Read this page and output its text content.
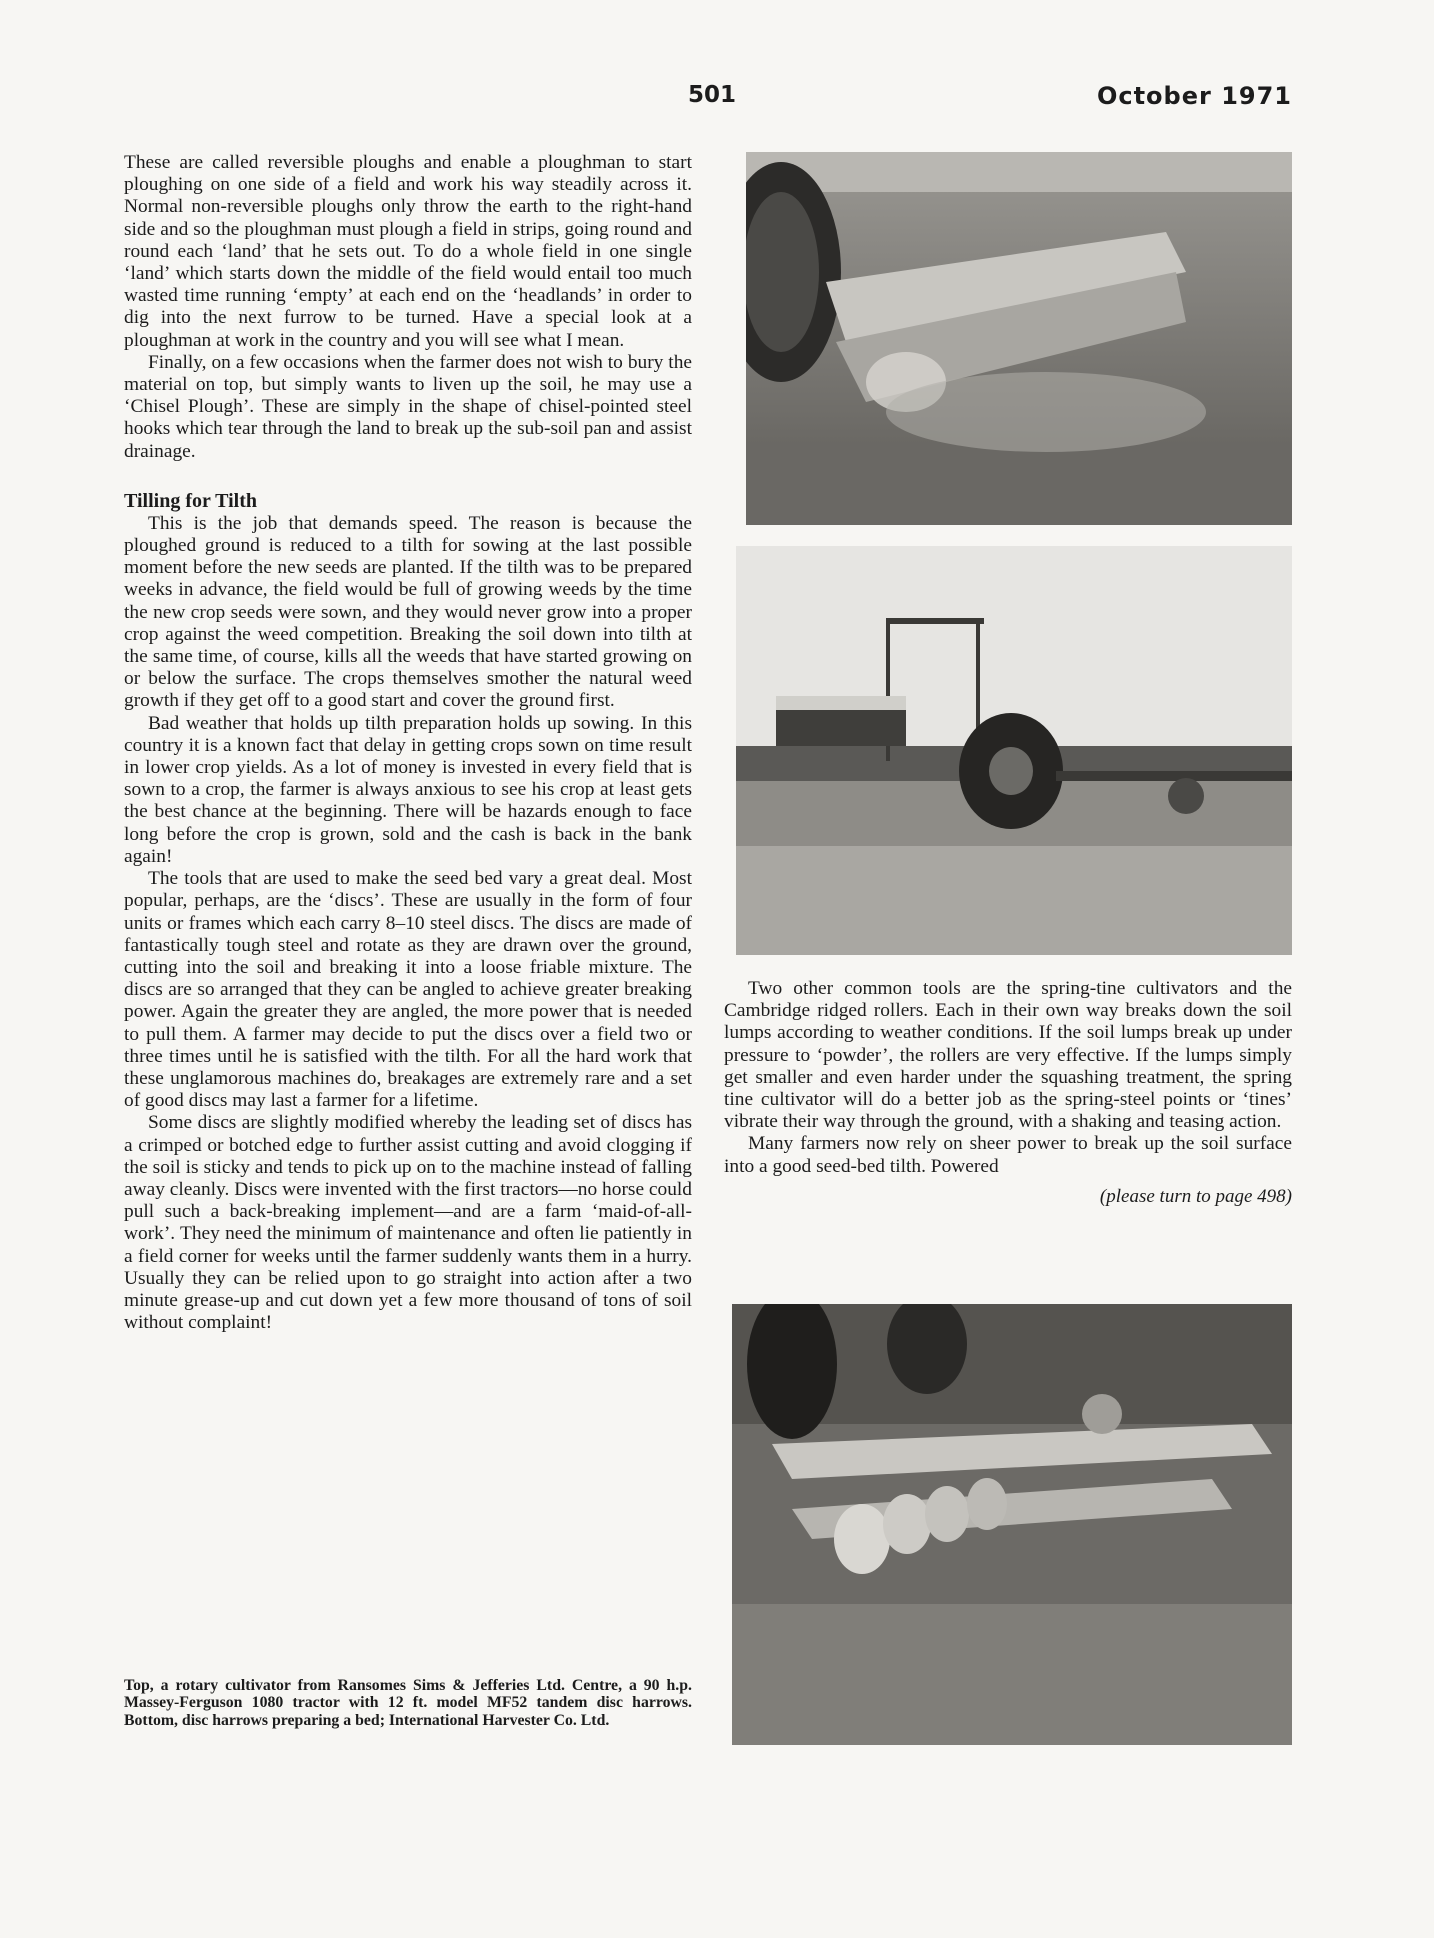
501	October 1971

These are called reversible ploughs and enable a ploughman to start ploughing on one side of a field and work his way steadily across it. Normal non-reversible ploughs only throw the earth to the right-hand side and so the ploughman must plough a field in strips, going round and round each ‘land’ that he sets out. To do a whole field in one single ‘land’ which starts down the middle of the field would entail too much wasted time running ‘empty’ at each end on the ‘headlands’ in order to dig into the next furrow to be turned. Have a special look at a ploughman at work in the country and you will see what I mean.

Finally, on a few occasions when the farmer does not wish to bury the material on top, but simply wants to liven up the soil, he may use a ‘Chisel Plough’. These are simply in the shape of chisel-pointed steel hooks which tear through the land to break up the sub-soil pan and assist drainage.

Tilling for Tilth

This is the job that demands speed. The reason is because the ploughed ground is reduced to a tilth for sowing at the last possible moment before the new seeds are planted. If the tilth was to be prepared weeks in advance, the field would be full of growing weeds by the time the new crop seeds were sown, and they would never grow into a proper crop against the weed competition. Breaking the soil down into tilth at the same time, of course, kills all the weeds that have started growing on or below the surface. The crops themselves smother the natural weed growth if they get off to a good start and cover the ground first.

Bad weather that holds up tilth preparation holds up sowing. In this country it is a known fact that delay in getting crops sown on time result in lower crop yields. As a lot of money is invested in every field that is sown to a crop, the farmer is always anxious to see his crop at least gets the best chance at the beginning. There will be hazards enough to face long before the crop is grown, sold and the cash is back in the bank again!

The tools that are used to make the seed bed vary a great deal. Most popular, perhaps, are the ‘discs’. These are usually in the form of four units or frames which each carry 8–10 steel discs. The discs are made of fantastically tough steel and rotate as they are drawn over the ground, cutting into the soil and breaking it into a loose friable mixture. The discs are so arranged that they can be angled to achieve greater breaking power. Again the greater they are angled, the more power that is needed to pull them. A farmer may decide to put the discs over a field two or three times until he is satisfied with the tilth. For all the hard work that these unglamorous machines do, breakages are extremely rare and a set of good discs may last a farmer for a lifetime.

Some discs are slightly modified whereby the leading set of discs has a crimped or botched edge to further assist cutting and avoid clogging if the soil is sticky and tends to pick up on to the machine instead of falling away cleanly. Discs were invented with the first tractors—no horse could pull such a back-breaking implement—and are a farm ‘maid-of-all-work’. They need the minimum of maintenance and often lie patiently in a field corner for weeks until the farmer suddenly wants them in a hurry. Usually they can be relied upon to go straight into action after a two minute grease-up and cut down yet a few more thousand of tons of soil without complaint!

Top, a rotary cultivator from Ransomes Sims & Jefferies Ltd. Centre, a 90 h.p. Massey-Ferguson 1080 tractor with 12 ft. model MF52 tandem disc harrows. Bottom, disc harrows preparing a bed; International Harvester Co. Ltd.

Two other common tools are the spring-tine cultivators and the Cambridge ridged rollers. Each in their own way breaks down the soil lumps according to weather conditions. If the soil lumps break up under pressure to ‘powder’, the rollers are very effective. If the lumps simply get smaller and even harder under the squashing treatment, the spring tine cultivator will do a better job as the spring-steel points or ‘tines’ vibrate their way through the ground, with a shaking and teasing action.

Many farmers now rely on sheer power to break up the soil surface into a good seed-bed tilth. Powered

(please turn to page 498)
